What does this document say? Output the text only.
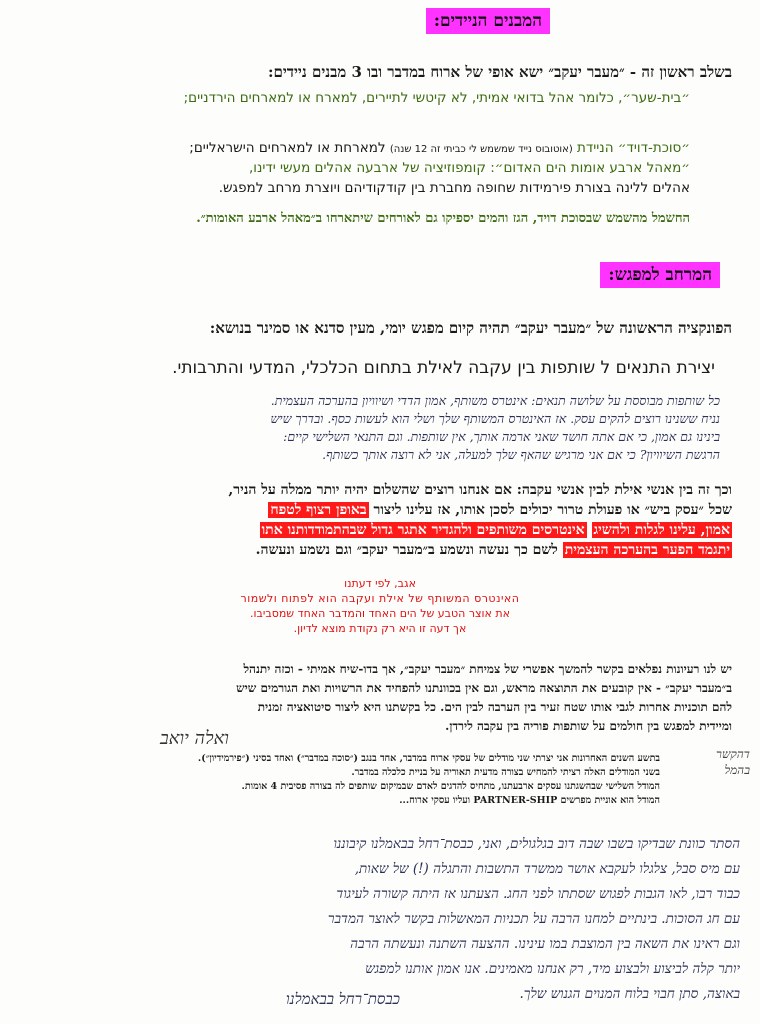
המבנים הניידים:

בשלב ראשון זה - ״מעבר יעקב״ ישא אופי של ארוח במדבר ובו 3 מבנים ניידים:

״בית-שער״, כלומר אהל בדואי אמיתי, לא קיטשי לתיירים, למארח או למארחים הירדניים;

״סוכת-דויד״ הניידת (אוטובוס נייד שמשמש לי כביתי זה 12 שנה) למארחת או למארחים הישראליים;

״מאהל ארבע אומות הים האדום״: קומפוזיציה של ארבעה אהלים מעשי ידינו,
אהלים ללינה בצורת פירמידות שחופה מחברת בין קודקודיהם ויוצרת מרחב למפגש.

החשמל מהשמש שבסוכת דויד, הגז והמים יספיקו גם לאורחים שיתארחו ב״מאהל ארבע האומות״.

המרחב למפגש:

הפונקציה הראשונה של ״מעבר יעקב״ תהיה קיום מפגש יומי, מעין סדנא או סמינר בנושא:

יצירת התנאים ל שותפות בין עקבה לאילת בתחום הכלכלי, המדעי והתרבותי.

כל שותפות מבוססת על שלושה תנאים: אינטרס משותף, אמון הדדי ושיוויון בהערכה העצמית.
נניח ששנינו רוצים להקים עסק. אז האינטרס המשותף שלך ושלי הוא לעשות כסף. ובדרך שיש
בינינו גם אמון, כי אם אתה חושד שאני ארמה אותך, אין שותפות. וגם התנאי השלישי קיים:
הרגשת השיוויון? כי אם אני מרגיש שהאף שלך למעלה, אני לא רוצה אותך כשותף.
וכך זה בין אנשי אילת לבין אנשי עקבה: אם אנחנו רוצים שהשלום יהיה יותר ממלה על הניר,
שכל ״עסק ביש״ או פעולת טרור יכולים לסכן אותו, אז עלינו ליצור באופן רצוף לטפח
אמון, עלינו לגלות ולהשיג אינטרסים משותפים ולהגדיר אתגר גדול שבהתמודדותנו אתו
יתגמד הפער בהערכה העצמית לשם כך נעשה ונשמע ב״מעבר יעקב״ וגם נשמע ונעשה.
אגב, לפי דעתנו
האינטרס המשותף של אילת ועקבה הוא לפתוח ולשמור
את אוצר הטבע של הים האחד והמדבר האחד שמסביבו.
אך דעה זו היא רק נקודת מוצא לדיון.
יש לנו רעיונות נפלאים בקשר להמשך אפשרי של צמיחת ״מעבר יעקב״, אך בדו-שיח אמיתי - וכזה יתנהל
ב״מעבר יעקב״ - אין קובעים את התוצאה מראש, וגם אין בכוונתנו להפחיד את הרשויות ואת הגורמים שיש
להם תוכניות אחרות לגבי אותו שטח זעיר בין הערבה לבין הים. כל בקשתנו היא ליצור סיטואציה זמנית
ומיידית למפגש בין חולמים על שותפות פוריה בין עקבה לירדן.
ואלה יואב
בתשע השנים האחרונות אני יצרתי שני מודלים של עסקי ארוח במדבר, אחד בנגב (״סוכה במדבר״) ואחד בסיני (״פירמידיון״).
בשני המודלים האלה רציתי להמחיש בצורה מדעית תאוריה על בניית כלכלה במדבר.
המודל השלישי שבהשגתנו עסקים ארבעתנו, מתחיס להדגים לאדם שבמיקום שותפים לה בצורה פסיבית 4 אומות.
המודל הוא אוניית מפרשים PARTNER-SHIP ועליו עסקי ארוח...
דהקשר
בהמל
הסתר כוונת שבדיקו בשבו שבה דוב בגלגולים, ואני, כבסת־רחל בבאמלנו קיבוננו
עם מיס סבל, צלגלו לעקבא אושר ממשרד התשבות והתגלה (!) של שאות,
כבוד רבו, לאו הגבות לפגוש שסתתו לפני החג. הצעתנו אז היתה קשורה לעיגוד
עם חג הסוכות. בינתיים למחנו הרבה על תכניות המאשלות בקשר לאוצר המדבר
וגם ראינו את השאה בין המוצבת במו עינינו. ההצעה השתנה ונעשתה הרבה
יותר קלה לביצוע ולבצוע מיד, רק אנחנו מאמינים. אנו אמון אותנו למפגש
באוצה, סתן חבוי בלוח המנוים הגנוש שלך.
כבסת־רחל בבאמלנו
